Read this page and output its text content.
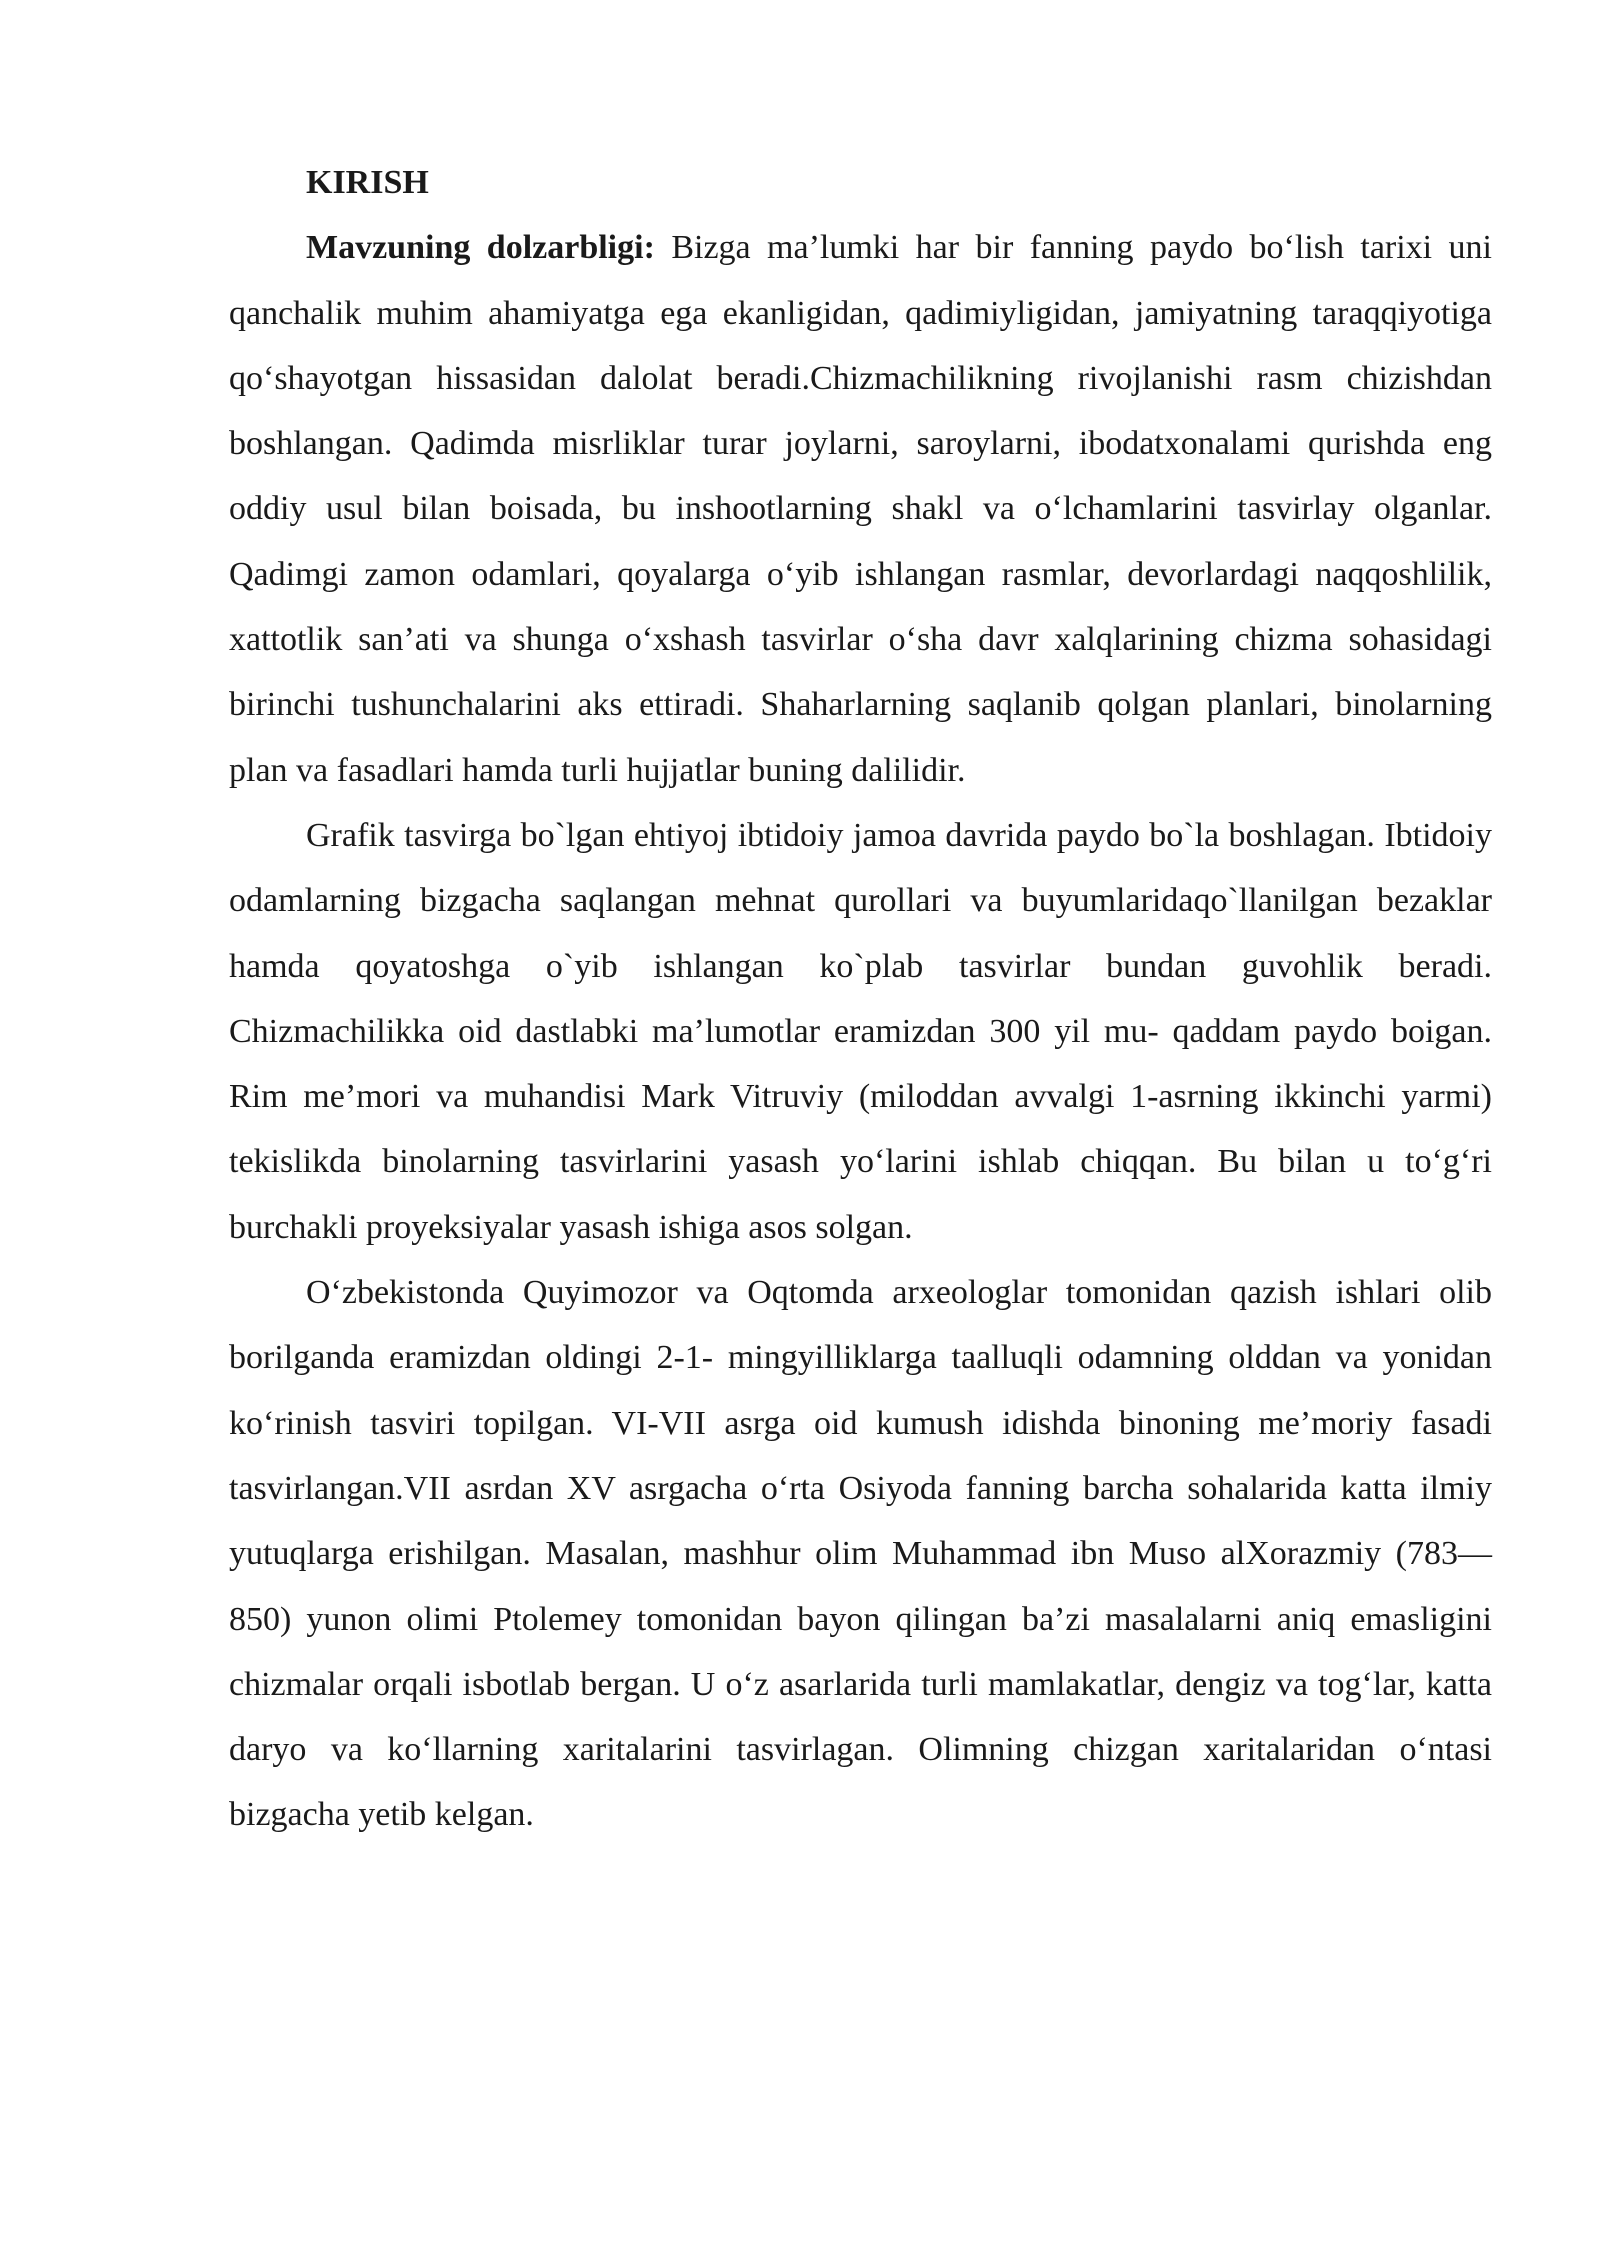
KIRISH

Mavzuning dolzarbligi: Bizga ma’lumki har bir fanning paydo bo‘lish tarixi uni qanchalik muhim ahamiyatga ega ekanligidan, qadimiyligidan, jamiyatning taraqqiyotiga qo‘shayotgan hissasidan dalolat beradi.Chizmachilikning rivojlanishi rasm chizishdan boshlangan. Qadimda misrliklar turar joylarni, saroylarni, ibodatxonalami qurishda eng oddiy usul bilan boisada, bu inshootlarning shakl va o‘lchamlarini tasvirlay olganlar. Qadimgi zamon odamlari, qoyalarga o‘yib ishlangan rasmlar, devorlardagi naqqoshlilik, xattotlik san’ati va shunga o‘xshash tasvirlar o‘sha davr xalqlarining chizma sohasidagi birinchi tushunchalarini aks ettiradi. Shaharlarning saqlanib qolgan planlari, binolarning plan va fasadlari hamda turli hujjatlar buning dalilidir.

Grafik tasvirga bo`lgan ehtiyoj ibtidoiy jamoa davrida paydo bo`la boshlagan. Ibtidoiy odamlarning bizgacha saqlangan mehnat qurollari va buyumlaridaqo`llanilgan bezaklar hamda qoyatoshga o`yib ishlangan ko`plab tasvirlar bundan guvohlik beradi. Chizmachilikka oid dastlabki ma’lumotlar eramizdan 300 yil mu- qaddam paydo boigan. Rim me’mori va muhandisi Mark Vitruviy (miloddan avvalgi 1-asrning ikkinchi yarmi) tekislikda binolarning tasvirlarini yasash yo‘larini ishlab chiqqan. Bu bilan u to‘g‘ri burchakli proyeksiyalar yasash ishiga asos solgan.

O‘zbekistonda Quyimozor va Oqtomda arxeologlar tomonidan qazish ishlari olib borilganda eramizdan oldingi 2-1- mingyilliklarga taalluqli odamning olddan va yonidan ko‘rinish tasviri topilgan. VI-VII asrga oid kumush idishda binoning me’moriy fasadi tasvirlangan.VII asrdan XV asrgacha o‘rta Osiyoda fanning barcha sohalarida katta ilmiy yutuqlarga erishilgan. Masalan, mashhur olim Muhammad ibn Muso alXorazmiy (783—850) yunon olimi Ptolemey tomonidan bayon qilingan ba’zi masalalarni aniq emasligini chizmalar orqali isbotlab bergan. U o‘z asarlarida turli mamlakatlar, dengiz va tog‘lar, katta daryo va ko‘llarning xaritalarini tasvirlagan. Olimning chizgan xaritalaridan o‘ntasi bizgacha yetib kelgan.
